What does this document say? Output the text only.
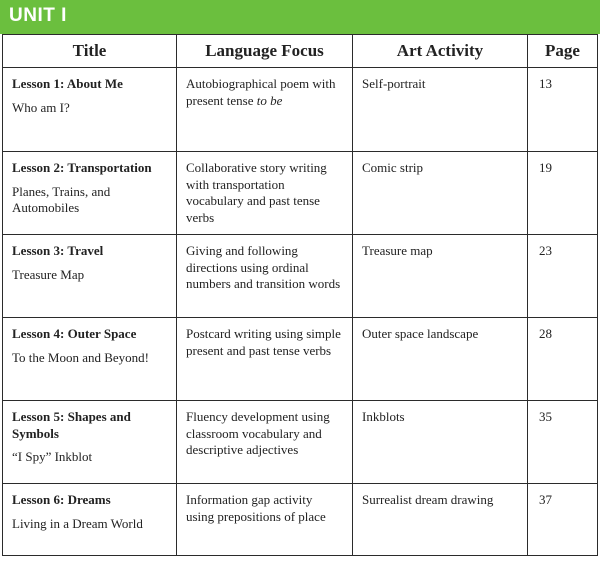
UNIT I
Title	Language Focus	Art Activity	Page

Lesson 1: About Me
Who am I?	Autobiographical poem with present tense to be	Self-portrait	13

Lesson 2: Transportation
Planes, Trains, and Automobiles	Collaborative story writing with transportation vocabulary and past tense verbs	Comic strip	19

Lesson 3: Travel
Treasure Map	Giving and following directions using ordinal numbers and transition words	Treasure map	23

Lesson 4: Outer Space
To the Moon and Beyond!	Postcard writing using simple present and past tense verbs	Outer space landscape	28

Lesson 5: Shapes and Symbols
“I Spy” Inkblot	Fluency development using classroom vocabulary and descriptive adjectives	Inkblots	35

Lesson 6: Dreams
Living in a Dream World	Information gap activity using prepositions of place	Surrealist dream drawing	37
